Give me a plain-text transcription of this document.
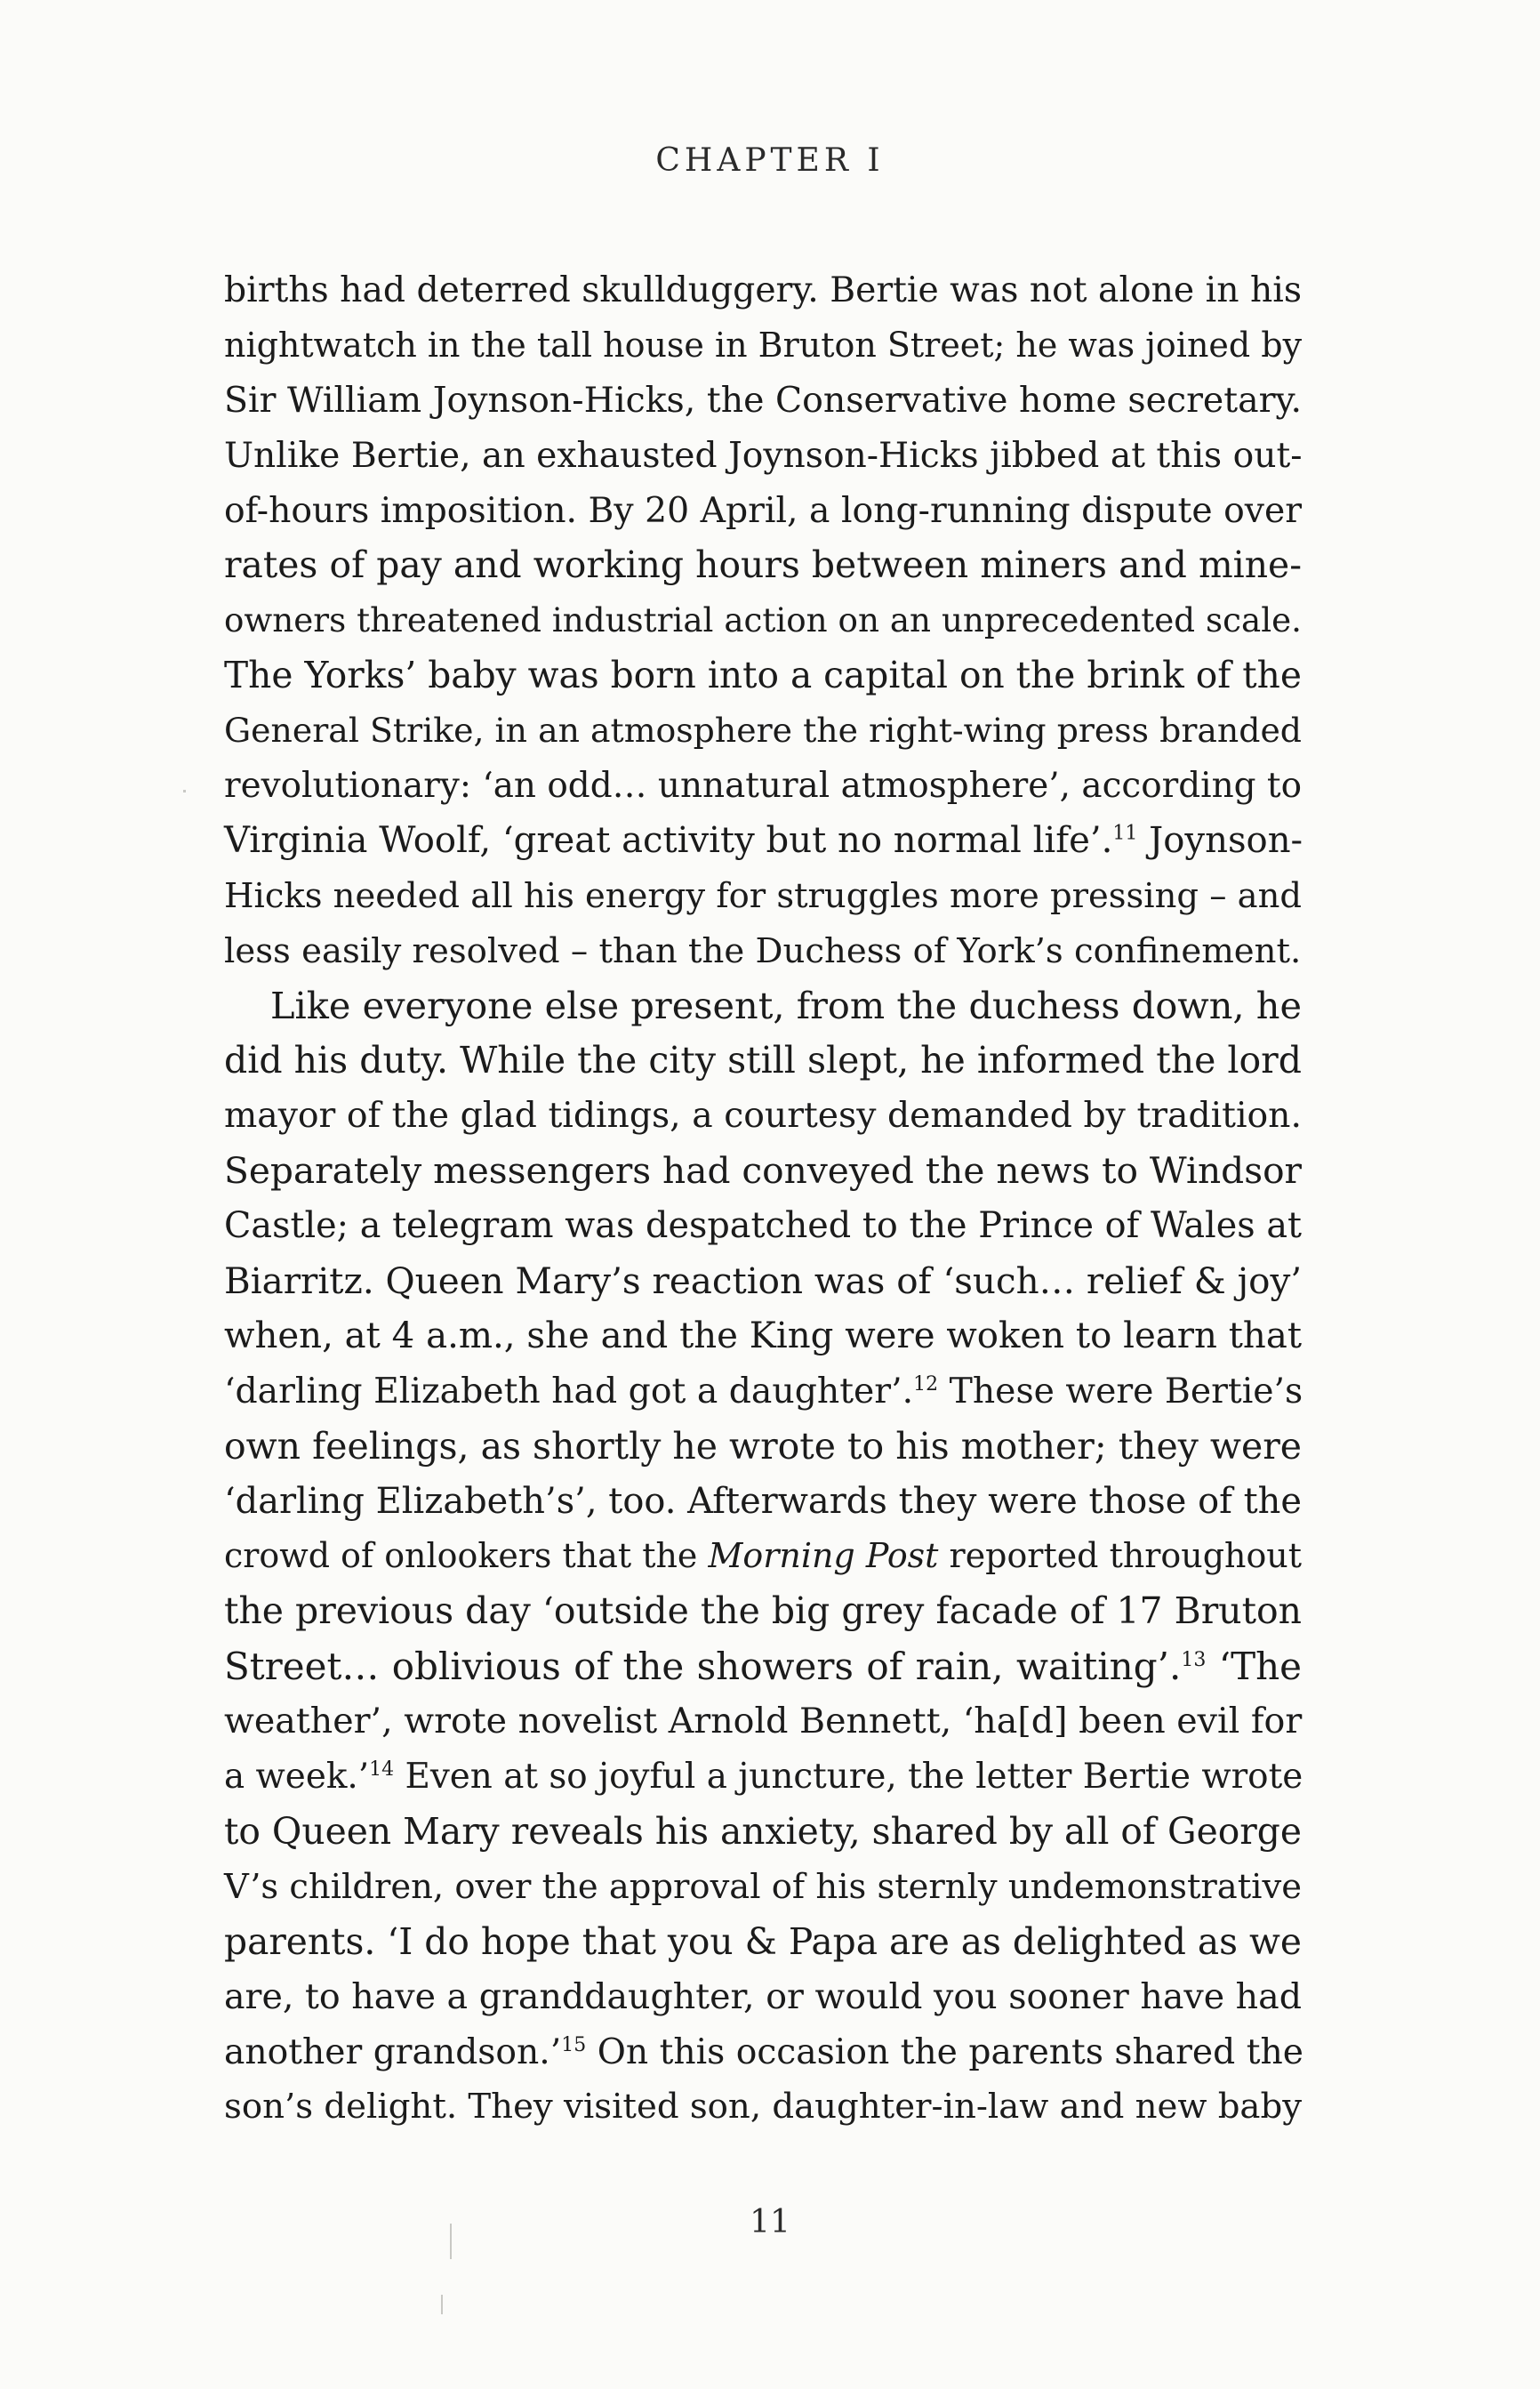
CHAPTER I
births had deterred skullduggery. Bertie was not alone in his
nightwatch in the tall house in Bruton Street; he was joined by
Sir William Joynson-Hicks, the Conservative home secretary.
Unlike Bertie, an exhausted Joynson-Hicks jibbed at this out-
of-hours imposition. By 20 April, a long-running dispute over
rates of pay and working hours between miners and mine-
owners threatened industrial action on an unprecedented scale.
The Yorks’ baby was born into a capital on the brink of the
General Strike, in an atmosphere the right-wing press branded
revolutionary: ‘an odd… unnatural atmosphere’, according to
Virginia Woolf, ‘great activity but no normal life’.$^{11}$ Joynson-
Hicks needed all his energy for struggles more pressing – and
less easily resolved – than the Duchess of York’s confinement.
Like everyone else present, from the duchess down, he
did his duty. While the city still slept, he informed the lord
mayor of the glad tidings, a courtesy demanded by tradition.
Separately messengers had conveyed the news to Windsor
Castle; a telegram was despatched to the Prince of Wales at
Biarritz. Queen Mary’s reaction was of ‘such… relief & joy’
when, at 4 a.m., she and the King were woken to learn that
‘darling Elizabeth had got a daughter’.$^{12}$ These were Bertie’s
own feelings, as shortly he wrote to his mother; they were
‘darling Elizabeth’s’, too. Afterwards they were those of the
crowd of onlookers that the Morning Post reported throughout
the previous day ‘outside the big grey facade of 17 Bruton
Street… oblivious of the showers of rain, waiting’.$^{13}$ ‘The
weather’, wrote novelist Arnold Bennett, ‘ha[d] been evil for
a week.’$^{14}$ Even at so joyful a juncture, the letter Bertie wrote
to Queen Mary reveals his anxiety, shared by all of George
V’s children, over the approval of his sternly undemonstrative
parents. ‘I do hope that you & Papa are as delighted as we
are, to have a granddaughter, or would you sooner have had
another grandson.’$^{15}$ On this occasion the parents shared the
son’s delight. They visited son, daughter-in-law and new baby
11
